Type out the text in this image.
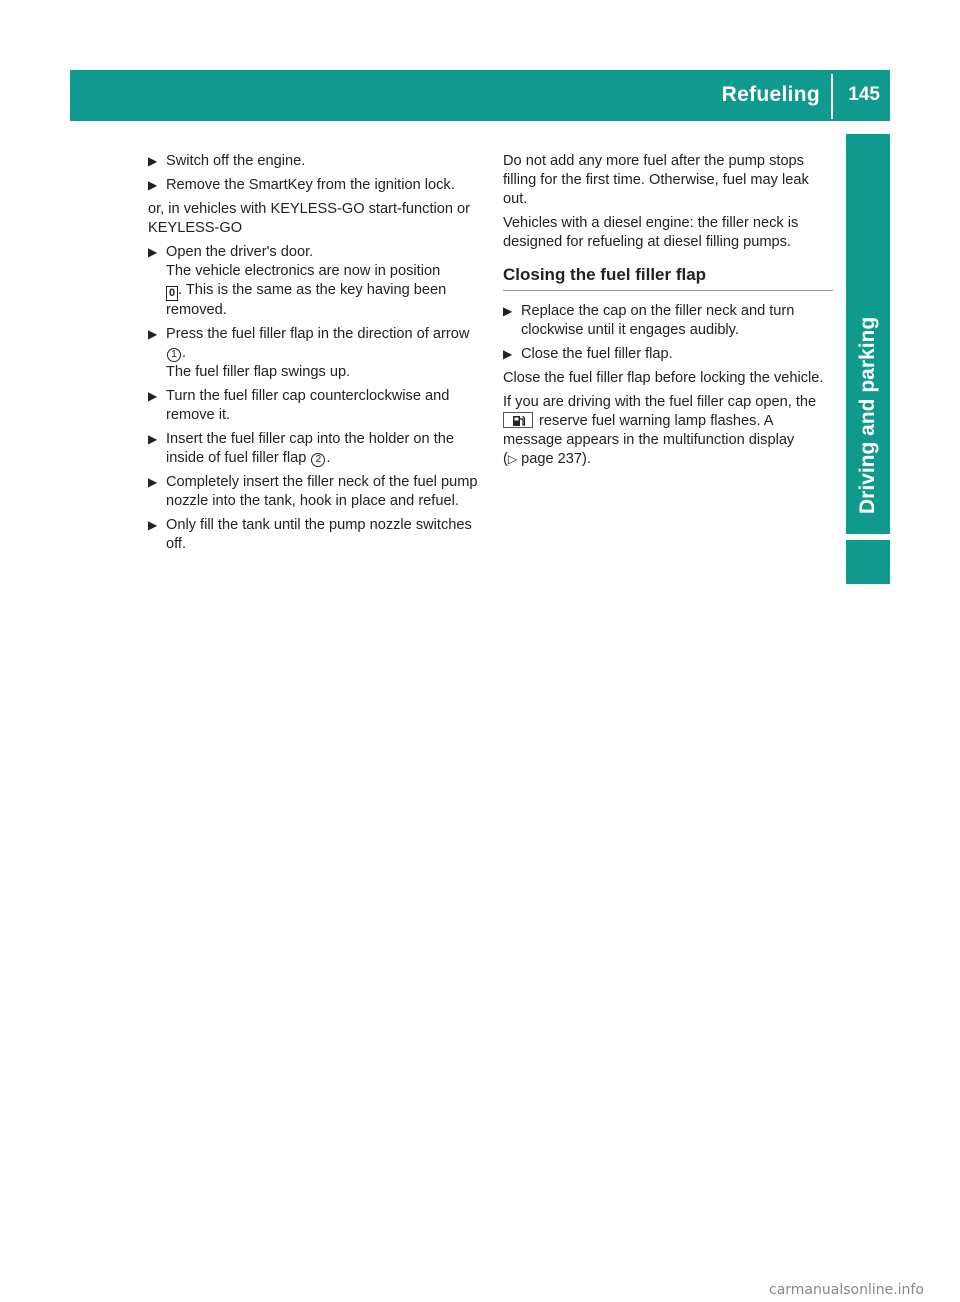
Refueling 145
Driving and parking
▶ Switch off the engine.
▶ Remove the SmartKey from the ignition lock.
or, in vehicles with KEYLESS-GO start-function or KEYLESS-GO
▶ Open the driver's door.
The vehicle electronics are now in position
0 . This is the same as the key having been removed.
▶ Press the fuel filler flap in the direction of arrow 1 .
The fuel filler flap swings up.
▶ Turn the fuel filler cap counterclockwise and remove it.
▶ Insert the fuel filler cap into the holder on the inside of fuel filler flap 2 .
▶ Completely insert the filler neck of the fuel pump nozzle into the tank, hook in place and refuel.
▶ Only fill the tank until the pump nozzle switches off.
Do not add any more fuel after the pump stops filling for the first time. Otherwise, fuel may leak out.
Vehicles with a diesel engine: the filler neck is designed for refueling at diesel filling pumps.
Closing the fuel filler flap
▶ Replace the cap on the filler neck and turn clockwise until it engages audibly.
▶ Close the fuel filler flap.
Close the fuel filler flap before locking the vehicle.
If you are driving with the fuel filler cap open, the
reserve fuel warning lamp flashes. A message appears in the multifunction display
(▷ page 237).
carmanualsonline.info
